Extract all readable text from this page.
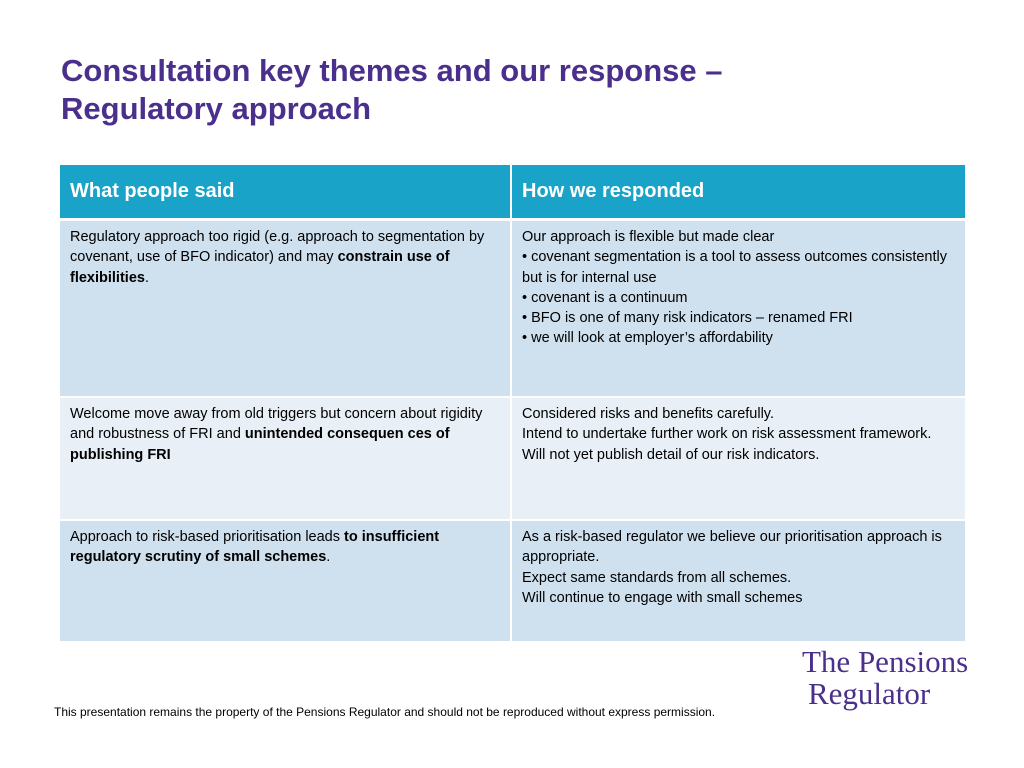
Consultation key themes and our response –
Regulatory approach
What people said	How we responded
Regulatory approach too rigid (e.g. approach to segmentation by covenant, use of BFO indicator) and may constrain use of flexibilities.	Our approach is flexible but made clear
• covenant segmentation is a tool to assess outcomes consistently but is for internal use
• covenant is a continuum
• BFO is one of many risk indicators – renamed FRI
• we will look at employer’s affordability

Welcome move away from old triggers but concern about rigidity and robustness of FRI and unintended consequen ces of publishing FRI	Considered risks and benefits carefully.
Intend to undertake further work on risk assessment framework.
Will not yet publish detail of our risk indicators.

Approach to risk-based prioritisation leads to insufficient regulatory scrutiny of small schemes.	As a risk-based regulator we believe our prioritisation approach is appropriate.
Expect same standards from all schemes.
Will continue to engage with small schemes
The Pensions
Regulator
This presentation remains the property of the Pensions Regulator and should not be reproduced without express permission.
